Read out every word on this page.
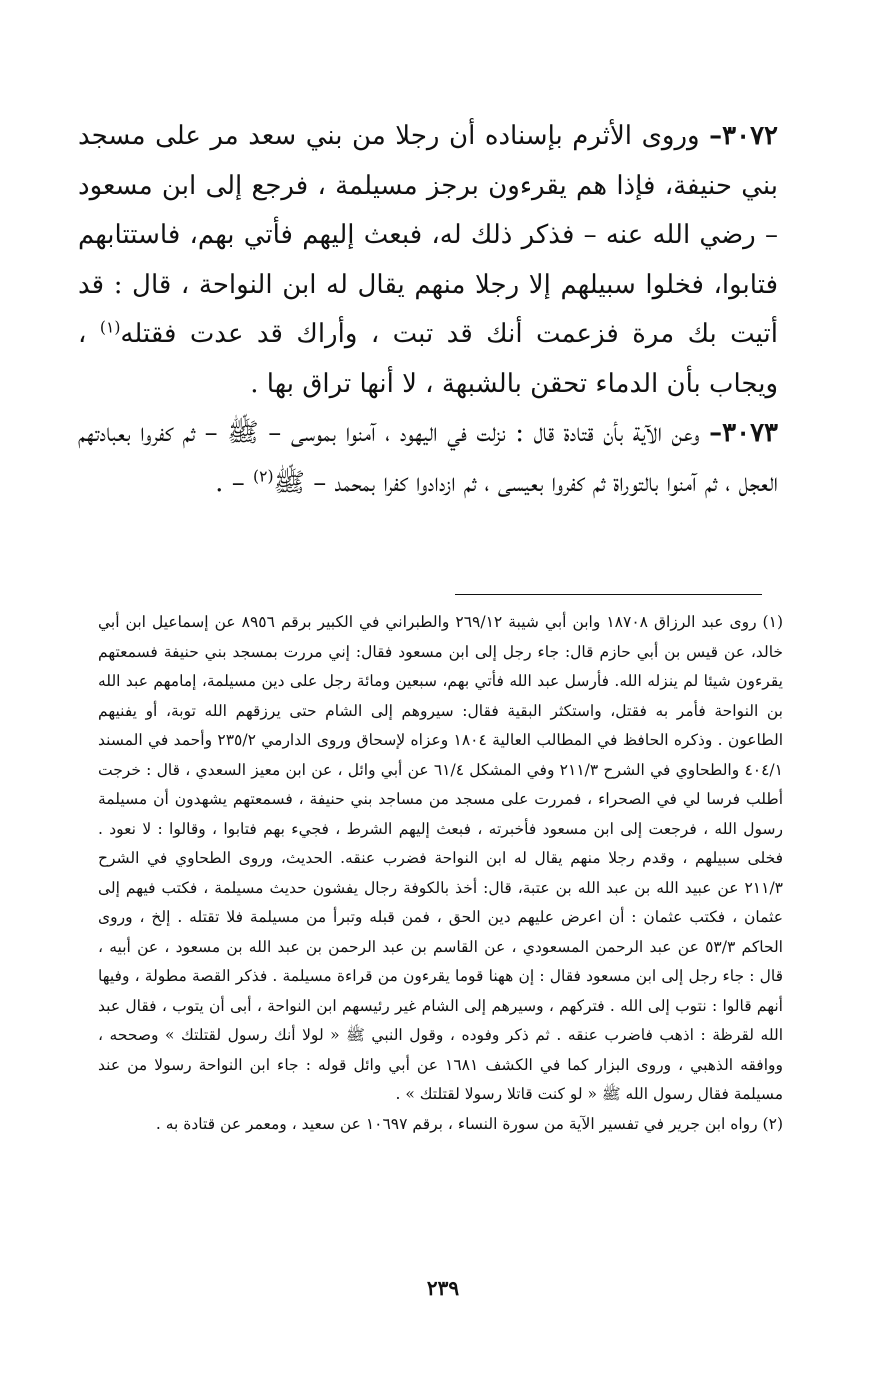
٣٠٧٢– وروى الأثرم بإسناده أن رجلا من بني سعد مر على مسجد بني حنيفة، فإذا هم يقرءون برجز مسيلمة ، فرجع إلى ابن مسعود – رضي الله عنه – فذكر ذلك له، فبعث إليهم فأتي بهم، فاستتابهم فتابوا، فخلوا سبيلهم إلا رجلا منهم يقال له ابن النواحة ، قال : قد أتيت بك مرة فزعمت أنك قد تبت ، وأراك قد عدت فقتله$^{(١)}$ ، ويجاب بأن الدماء تحقن بالشبهة ، لا أنها تراق بها .

٣٠٧٣– وعن الآية بأن قتادة قال : نزلت في اليهود ، آمنوا بموسى – ﷺ – ثم كفروا بعبادتهم العجل ، ثم آمنوا بالتوراة ثم كفروا بعيسى ، ثم ازدادوا كفرا بمحمد – ﷺ$^{(٢)}$ – .

(١) روى عبد الرزاق ١٨٧٠٨ وابن أبي شيبة ٢٦٩/١٢ والطبراني في الكبير برقم ٨٩٥٦ عن إسماعيل ابن أبي خالد، عن قيس بن أبي حازم قال: جاء رجل إلى ابن مسعود فقال: إني مررت بمسجد بني حنيفة فسمعتهم يقرءون شيئا لم ينزله الله. فأرسل عبد الله فأتي بهم، سبعين ومائة رجل على دين مسيلمة، إمامهم عبد الله بن النواحة فأمر به فقتل، واستكثر البقية فقال: سيروهم إلى الشام حتى يرزقهم الله توبة، أو يفنيهم الطاعون . وذكره الحافظ في المطالب العالية ١٨٠٤ وعزاه لإسحاق وروى الدارمي ٢٣٥/٢ وأحمد في المسند ٤٠٤/١ والطحاوي في الشرح ٢١١/٣ وفي المشكل ٦١/٤ عن أبي وائل ، عن ابن معيز السعدي ، قال : خرجت أطلب فرسا لي في الصحراء ، فمررت على مسجد من مساجد بني حنيفة ، فسمعتهم يشهدون أن مسيلمة رسول الله ، فرجعت إلى ابن مسعود فأخبرته ، فبعث إليهم الشرط ، فجيء بهم فتابوا ، وقالوا : لا نعود . فخلى سبيلهم ، وقدم رجلا منهم يقال له ابن النواحة فضرب عنقه. الحديث، وروى الطحاوي في الشرح ٢١١/٣ عن عبيد الله بن عبد الله بن عتبة، قال: أخذ بالكوفة رجال يفشون حديث مسيلمة ، فكتب فيهم إلى عثمان ، فكتب عثمان : أن اعرض عليهم دين الحق ، فمن قبله وتبرأ من مسيلمة فلا تقتله . إلخ ، وروى الحاكم ٥٣/٣ عن عبد الرحمن المسعودي ، عن القاسم بن عبد الرحمن بن عبد الله بن مسعود ، عن أبيه ، قال : جاء رجل إلى ابن مسعود فقال : إن ههنا قوما يقرءون من قراءة مسيلمة . فذكر القصة مطولة ، وفيها أنهم قالوا : نتوب إلى الله . فتركهم ، وسيرهم إلى الشام غير رئيسهم ابن النواحة ، أبى أن يتوب ، فقال عبد الله لقرظة : اذهب فاضرب عنقه . ثم ذكر وفوده ، وقول النبي ﷺ « لولا أنك رسول لقتلتك » وصححه ، ووافقه الذهبي ، وروى البزار كما في الكشف ١٦٨١ عن أبي وائل قوله : جاء ابن النواحة رسولا من عند مسيلمة فقال رسول الله ﷺ « لو كنت قاتلا رسولا لقتلتك » .

(٢) رواه ابن جرير في تفسير الآية من سورة النساء ، برقم ١٠٦٩٧ عن سعيد ، ومعمر عن قتادة به .

٢٣٩
